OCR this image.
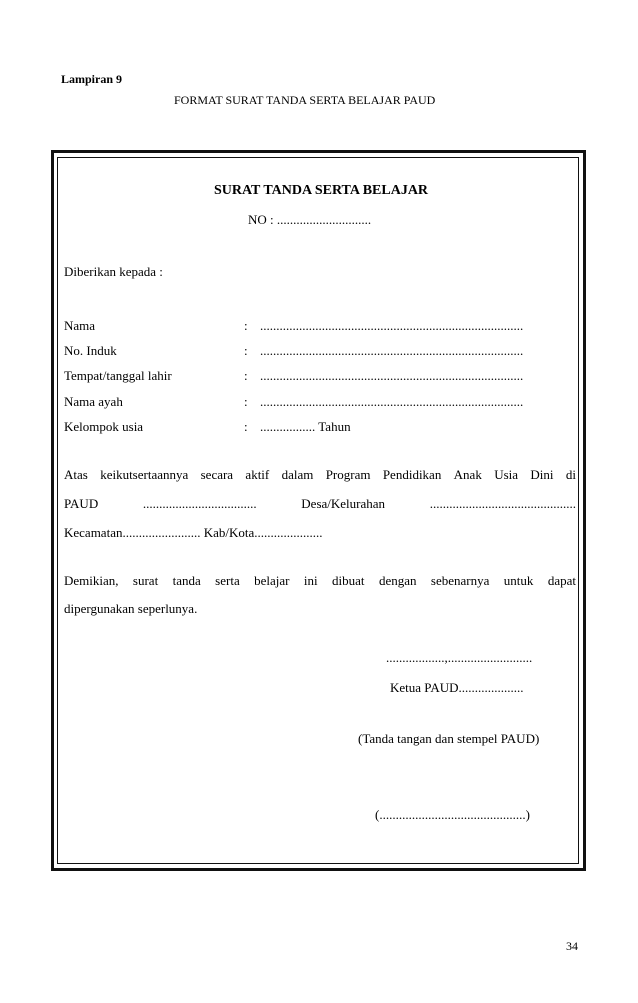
Lampiran 9
FORMAT SURAT TANDA SERTA BELAJAR PAUD
SURAT TANDA SERTA BELAJAR
NO : .............................
Diberikan kepada :
Nama	: .................................................................................
No. Induk	: .................................................................................
Tempat/tanggal lahir	: .................................................................................
Nama ayah	: .................................................................................
Kelompok usia	: ................. Tahun
Atas keikutsertaannya secara aktif dalam Program Pendidikan Anak Usia Dini di
PAUD	...................................	Desa/Kelurahan	.............................................
Kecamatan........................ Kab/Kota.....................
Demikian, surat tanda serta belajar ini dibuat dengan sebenarnya untuk dapat
dipergunakan seperlunya.
..................,..........................
Ketua PAUD....................
(Tanda tangan dan stempel PAUD)
(.............................................)
34
